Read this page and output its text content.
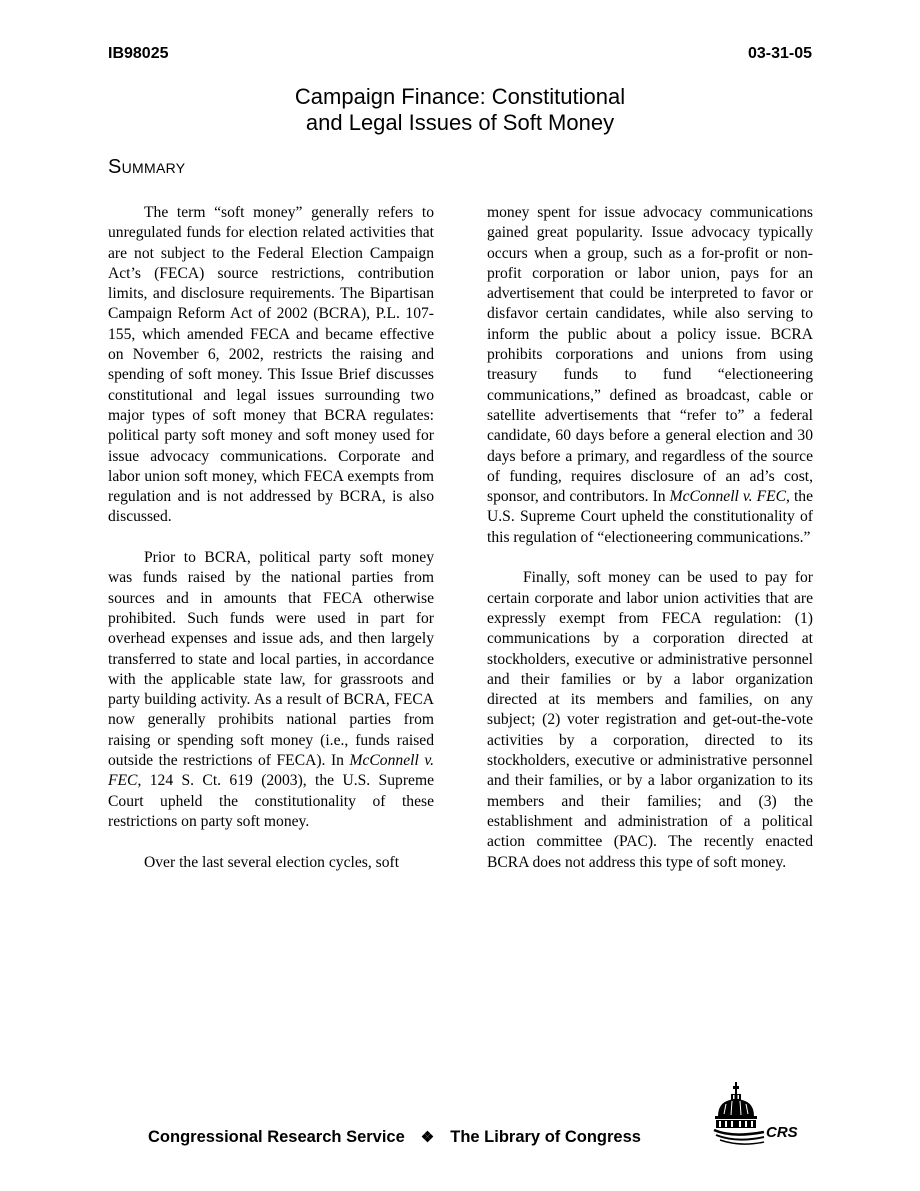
IB98025	03-31-05
Campaign Finance: Constitutional
and Legal Issues of Soft Money
Summary

The term “soft money” generally refers to unregulated funds for election related activities that are not subject to the Federal Election Campaign Act’s (FECA) source restrictions, contribution limits, and disclosure requirements. The Bipartisan Campaign Reform Act of 2002 (BCRA), P.L. 107-155, which amended FECA and became effective on November 6, 2002, restricts the raising and spending of soft money. This Issue Brief discusses constitutional and legal issues surrounding two major types of soft money that BCRA regulates: political party soft money and soft money used for issue advocacy communications. Corporate and labor union soft money, which FECA exempts from regulation and is not addressed by BCRA, is also discussed.

Prior to BCRA, political party soft money was funds raised by the national parties from sources and in amounts that FECA otherwise prohibited. Such funds were used in part for overhead expenses and issue ads, and then largely transferred to state and local parties, in accordance with the applicable state law, for grassroots and party building activity. As a result of BCRA, FECA now generally prohibits national parties from raising or spending soft money (i.e., funds raised outside the restrictions of FECA). In McConnell v. FEC, 124 S. Ct. 619 (2003), the U.S. Supreme Court upheld the constitutionality of these restrictions on party soft money.

Over the last several election cycles, soft

money spent for issue advocacy communications gained great popularity. Issue advocacy typically occurs when a group, such as a for-profit or non-profit corporation or labor union, pays for an advertisement that could be interpreted to favor or disfavor certain candidates, while also serving to inform the public about a policy issue. BCRA prohibits corporations and unions from using treasury funds to fund “electioneering communications,” defined as broadcast, cable or satellite advertisements that “refer to” a federal candidate, 60 days before a general election and 30 days before a primary, and regardless of the source of funding, requires disclosure of an ad’s cost, sponsor, and contributors. In McConnell v. FEC, the U.S. Supreme Court upheld the constitutionality of this regulation of “electioneering communications.”

Finally, soft money can be used to pay for certain corporate and labor union activities that are expressly exempt from FECA regulation: (1) communications by a corporation directed at stockholders, executive or administrative personnel and their families or by a labor organization directed at its members and families, on any subject; (2) voter registration and get-out-the-vote activities by a corporation, directed to its stockholders, executive or administrative personnel and their families, or by a labor organization to its members and their families; and (3) the establishment and administration of a political action committee (PAC). The recently enacted BCRA does not address this type of soft money.

Congressional Research Service ❖ The Library of Congress	CRS
